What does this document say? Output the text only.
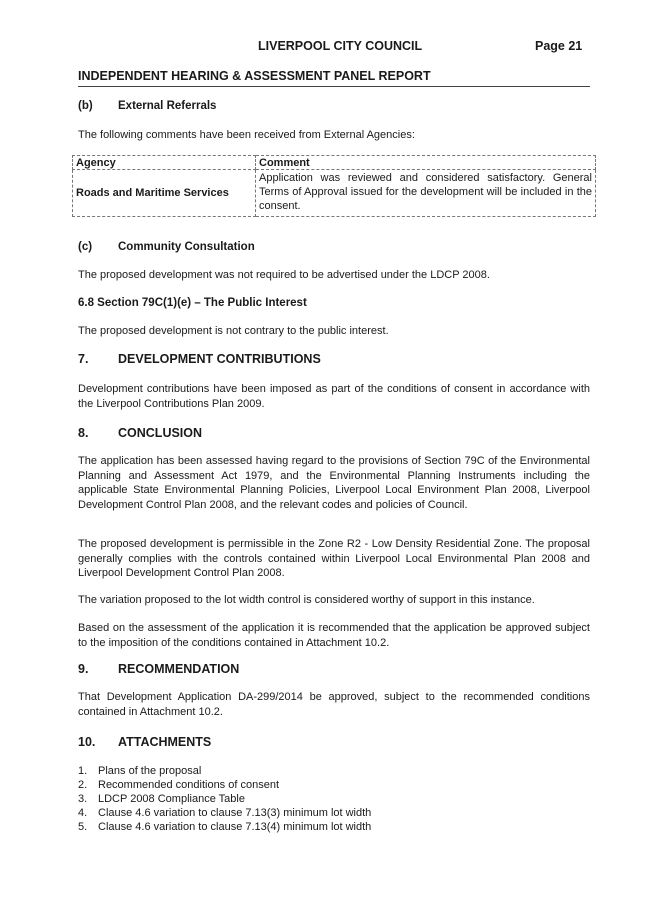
LIVERPOOL CITY COUNCIL	Page 21
INDEPENDENT HEARING & ASSESSMENT PANEL REPORT
(b) External Referrals
The following comments have been received from External Agencies:
Agency	Comment
Roads and Maritime Services	Application was reviewed and considered satisfactory. General Terms of Approval issued for the development will be included in the consent.
(c) Community Consultation
The proposed development was not required to be advertised under the LDCP 2008.
6.8 Section 79C(1)(e) – The Public Interest
The proposed development is not contrary to the public interest.
7. DEVELOPMENT CONTRIBUTIONS
Development contributions have been imposed as part of the conditions of consent in accordance with the Liverpool Contributions Plan 2009.
8. CONCLUSION
The application has been assessed having regard to the provisions of Section 79C of the Environmental Planning and Assessment Act 1979, and the Environmental Planning Instruments including the applicable State Environmental Planning Policies, Liverpool Local Environment Plan 2008, Liverpool Development Control Plan 2008, and the relevant codes and policies of Council.
The proposed development is permissible in the Zone R2 - Low Density Residential Zone. The proposal generally complies with the controls contained within Liverpool Local Environmental Plan 2008 and Liverpool Development Control Plan 2008.
The variation proposed to the lot width control is considered worthy of support in this instance.
Based on the assessment of the application it is recommended that the application be approved subject to the imposition of the conditions contained in Attachment 10.2.
9. RECOMMENDATION
That Development Application DA-299/2014 be approved, subject to the recommended conditions contained in Attachment 10.2.
10. ATTACHMENTS
1. Plans of the proposal
2. Recommended conditions of consent
3. LDCP 2008 Compliance Table
4. Clause 4.6 variation to clause 7.13(3) minimum lot width
5. Clause 4.6 variation to clause 7.13(4) minimum lot width
